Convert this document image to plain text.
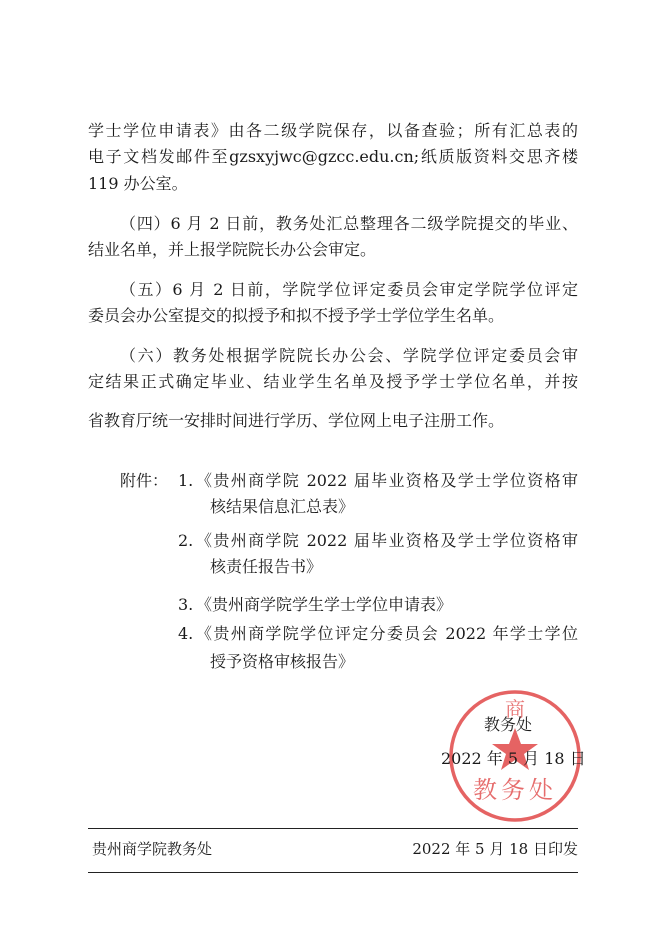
学士学位申请表》由各二级学院保存，以备查验；所有汇总表的
电子文档发邮件至gzsxyjwc@gzcc.edu.cn;纸质版资料交思齐楼
119 办公室。
（四）6 月 2 日前，教务处汇总整理各二级学院提交的毕业、
结业名单，并上报学院院长办公会审定。
（五）6 月 2 日前，学院学位评定委员会审定学院学位评定
委员会办公室提交的拟授予和拟不授予学士学位学生名单。
（六）教务处根据学院院长办公会、学院学位评定委员会审
定结果正式确定毕业、结业学生名单及授予学士学位名单，并按
省教育厅统一安排时间进行学历、学位网上电子注册工作。
附件： 1. 《贵州商学院 2022 届毕业资格及学士学位资格审
核结果信息汇总表》
2. 《贵州商学院 2022 届毕业资格及学士学位资格审
核责任报告书》
3. 《贵州商学院学生学士学位申请表》
4. 《贵州商学院学位评定分委员会 2022 年学士学位
授予资格审核报告》
商
教务处
教务处
2022 年 5 月 18 日
贵州商学院教务处	2022 年 5 月 18 日印发
